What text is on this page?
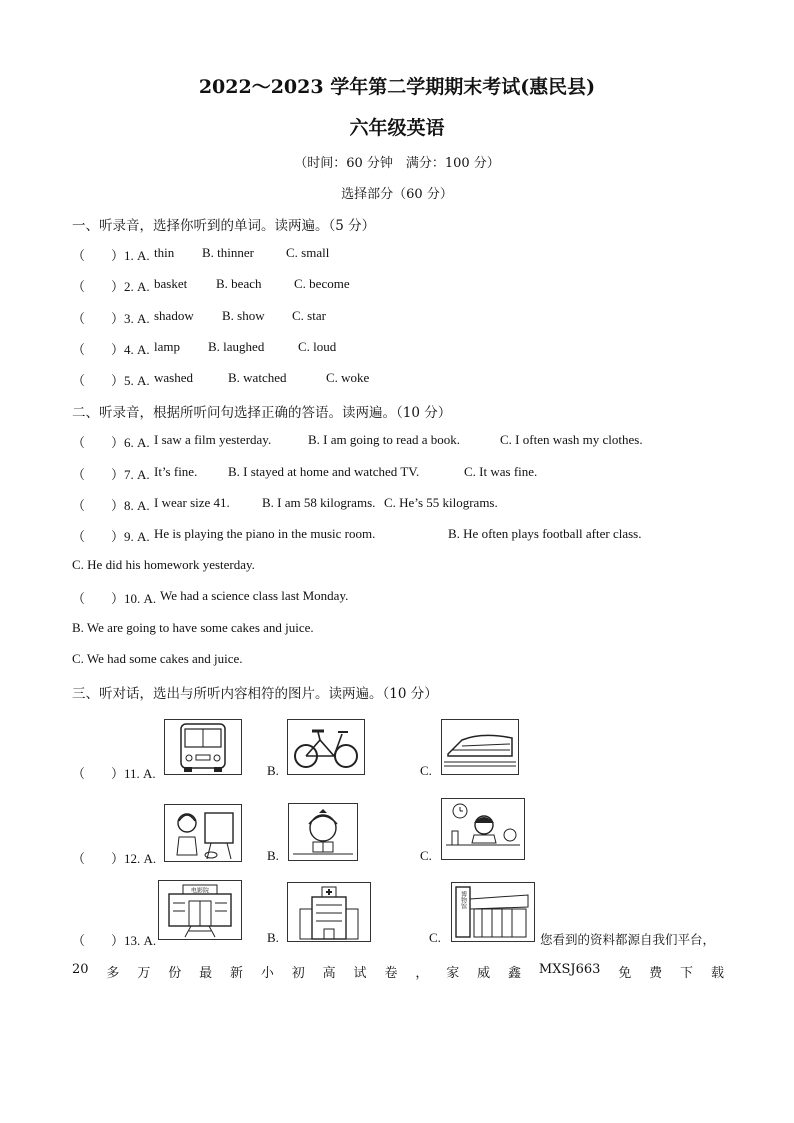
2022～2023 学年第二学期期末考试(惠民县)
六年级英语
（时间：60 分钟　满分：100 分）
选择部分（60 分）
一、听录音，选择你听到的单词。读两遍。（5 分）
（　　）1. A. thin B. thinner C. small
（　　）2. A. basket B. beach	C. become
（　　）3. A. shadow B. show C. star
（　　）4. A. lamp B. laughed	C. loud
（　　）5. A. washed	B. watched	C. woke
二、听录音，根据所听问句选择正确的答语。读两遍。（10 分）
（　　）6. A. I saw a film yesterday.	B. I am going to read a book.	C. I often wash my clothes.
（　　）7. A. It’s fine. B. I stayed at home and watched TV.	C. It was fine.
（　　）8. A. I wear size 41. B. I am 58 kilograms. C. He’s 55 kilograms.
（　　）9. A. He is playing the piano in the music room.	B. He often plays football after class.
C. He did his homework yesterday.
（　　）10. A. We had a science class last Monday.
B. We are going to have some cakes and juice.
C. We had some cakes and juice.
三、听对话，选出与所听内容相符的图片。读两遍。（10 分）
（　　）11. A.	B.	C.
（　　）12. A.	B.	C.
（　　）13. A.
电影院
B.	C.
博物馆
您看到的资料都源自我们平台，
20 多 万 份 最 新 小 初 高 试 卷 ， 家 威 鑫 MXSJ663 免 费 下 载
